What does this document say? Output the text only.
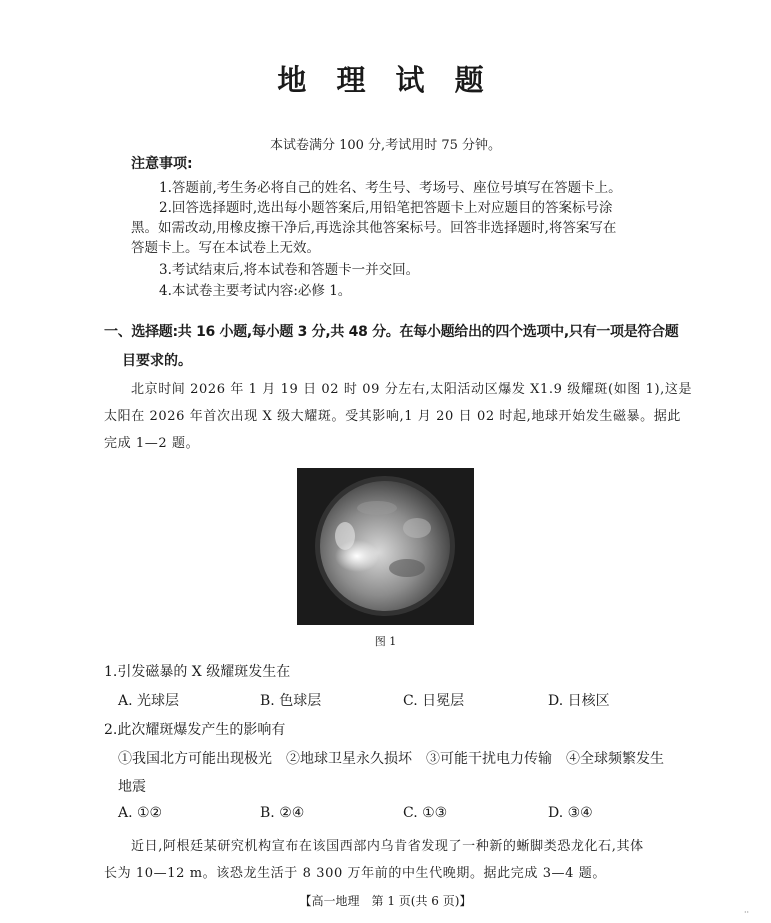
地 理 试 题
本试卷满分 100 分,考试用时 75 分钟。
注意事项:
1.答题前,考生务必将自己的姓名、考生号、考场号、座位号填写在答题卡上。
2.回答选择题时,选出每小题答案后,用铅笔把答题卡上对应题目的答案标号涂
黑。如需改动,用橡皮擦干净后,再选涂其他答案标号。回答非选择题时,将答案写在
答题卡上。写在本试卷上无效。
3.考试结束后,将本试卷和答题卡一并交回。
4.本试卷主要考试内容:必修 1。
一、选择题:共 16 小题,每小题 3 分,共 48 分。在每小题给出的四个选项中,只有一项是符合题
目要求的。
北京时间 2026 年 1 月 19 日 02 时 09 分左右,太阳活动区爆发 X1.9 级耀斑(如图 1),这是
太阳在 2026 年首次出现 X 级大耀斑。受其影响,1 月 20 日 02 时起,地球开始发生磁暴。据此
完成 1—2 题。
图 1
1.引发磁暴的 X 级耀斑发生在
A. 光球层	B. 色球层	C. 日冕层	D. 日核区
2.此次耀斑爆发产生的影响有
①我国北方可能出现极光　②地球卫星永久损坏　③可能干扰电力传输　④全球频繁发生
地震
A. ①②	B. ②④	C. ①③	D. ③④
近日,阿根廷某研究机构宣布在该国西部内乌肯省发现了一种新的蜥脚类恐龙化石,其体
长为 10—12 m。该恐龙生活于 8 300 万年前的中生代晚期。据此完成 3—4 题。
【高一地理　第 1 页(共 6 页)】
··
